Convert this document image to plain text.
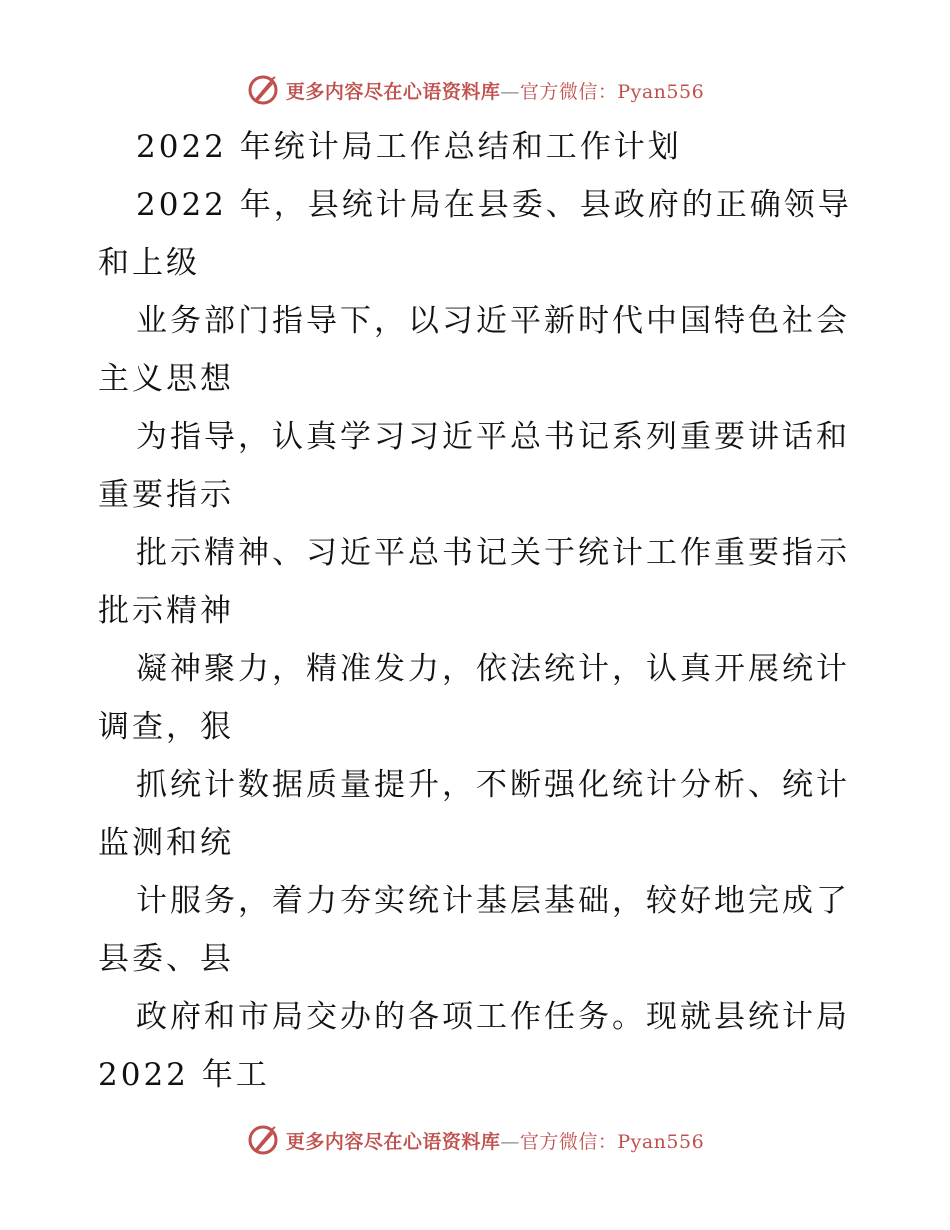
更多内容尽在心语资料库—官方微信：Pyan556
2022 年统计局工作总结和工作计划
2022 年，县统计局在县委、县政府的正确领导
和上级
业务部门指导下，以习近平新时代中国特色社会
主义思想
为指导，认真学习习近平总书记系列重要讲话和
重要指示
批示精神、习近平总书记关于统计工作重要指示
批示精神
凝神聚力，精准发力，依法统计，认真开展统计
调查，狠
抓统计数据质量提升，不断强化统计分析、统计
监测和统
计服务，着力夯实统计基层基础，较好地完成了
县委、县
政府和市局交办的各项工作任务。现就县统计局
2022 年工
更多内容尽在心语资料库—官方微信：Pyan556
